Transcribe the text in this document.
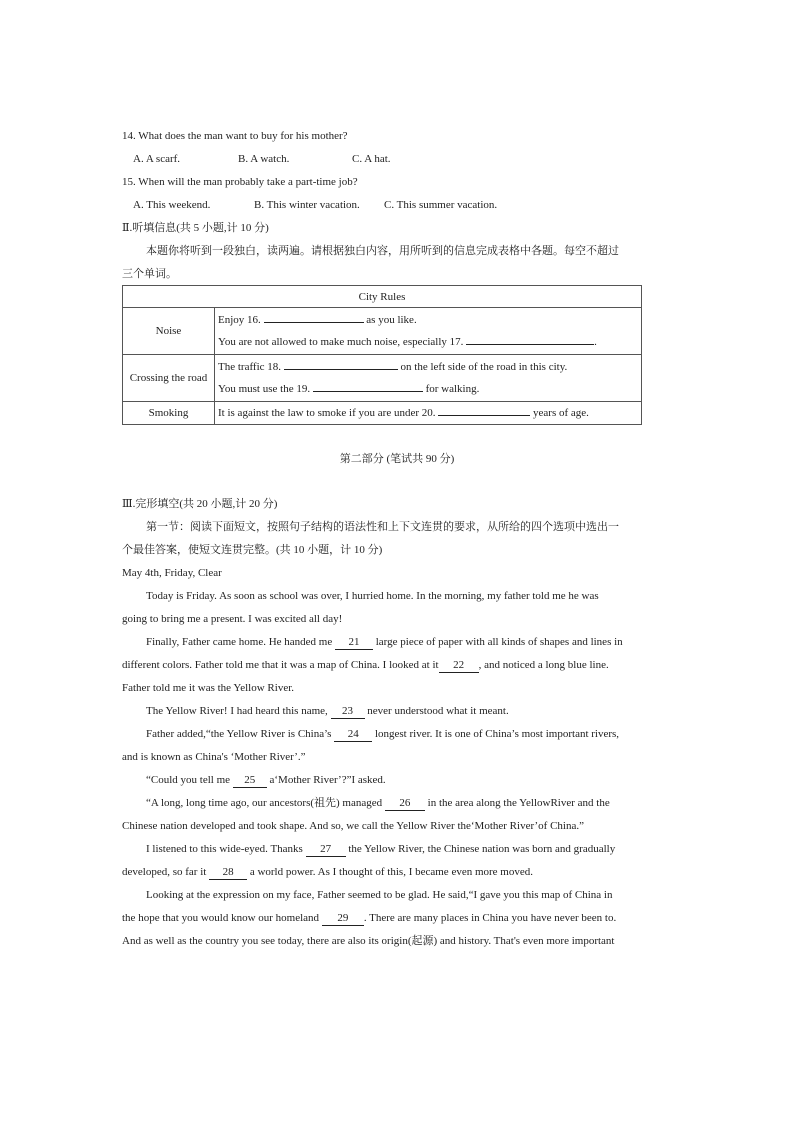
14. What does the man want to buy for his mother?
A. A scarf.	B. A watch.	C. A hat.
15. When will the man probably take a part-time job?
A. This weekend.	B. This winter vacation. C. This summer vacation.
Ⅱ.听填信息(共 5 小题,计 10 分)
本题你将听到一段独白，读两遍。请根据独白内容，用所听到的信息完成表格中各题。每空不超过
三个单词。
City Rules	
Noise	Enjoy 16. as you like.
You are not allowed to make much noise, especially 17. .

Crossing the road	The traffic 18. on the left side of the road in this city.
You must use the 19. for walking.

Smoking	It is against the law to smoke if you are under 20. years of age.
第二部分 (笔试共 90 分)
Ⅲ.完形填空(共 20 小题,计 20 分)
第一节：阅读下面短文，按照句子结构的语法性和上下文连贯的要求，从所给的四个选项中选出一
个最佳答案，使短文连贯完整。(共 10 小题，计 10 分)
May 4th, Friday, Clear
Today is Friday. As soon as school was over, I hurried home. In the morning, my father told me he was
going to bring me a present. I was excited all day!
Finally, Father came home. He handed me 21 large piece of paper with all kinds of shapes and lines in
different colors. Father told me that it was a map of China. I looked at it 22 , and noticed a long blue line.
Father told me it was the Yellow River.
The Yellow River! I had heard this name, 23 never understood what it meant.
Father added,“the Yellow River is China’s 24 longest river. It is one of China’s most important rivers,
and is known as China's ‘Mother River’.”
“Could you tell me 25 a‘Mother River’?”I asked.
“A long, long time ago, our ancestors(祖先) managed 26 in the area along the YellowRiver and the
Chinese nation developed and took shape. And so, we call the Yellow River the‘Mother River’of China.”
I listened to this wide-eyed. Thanks 27 the Yellow River, the Chinese nation was born and gradually
developed, so far it 28 a world power. As I thought of this, I became even more moved.
Looking at the expression on my face, Father seemed to be glad. He said,“I gave you this map of China in
the hope that you would know our homeland 29 . There are many places in China you have never been to.
And as well as the country you see today, there are also its origin(起源) and history. That's even more important
